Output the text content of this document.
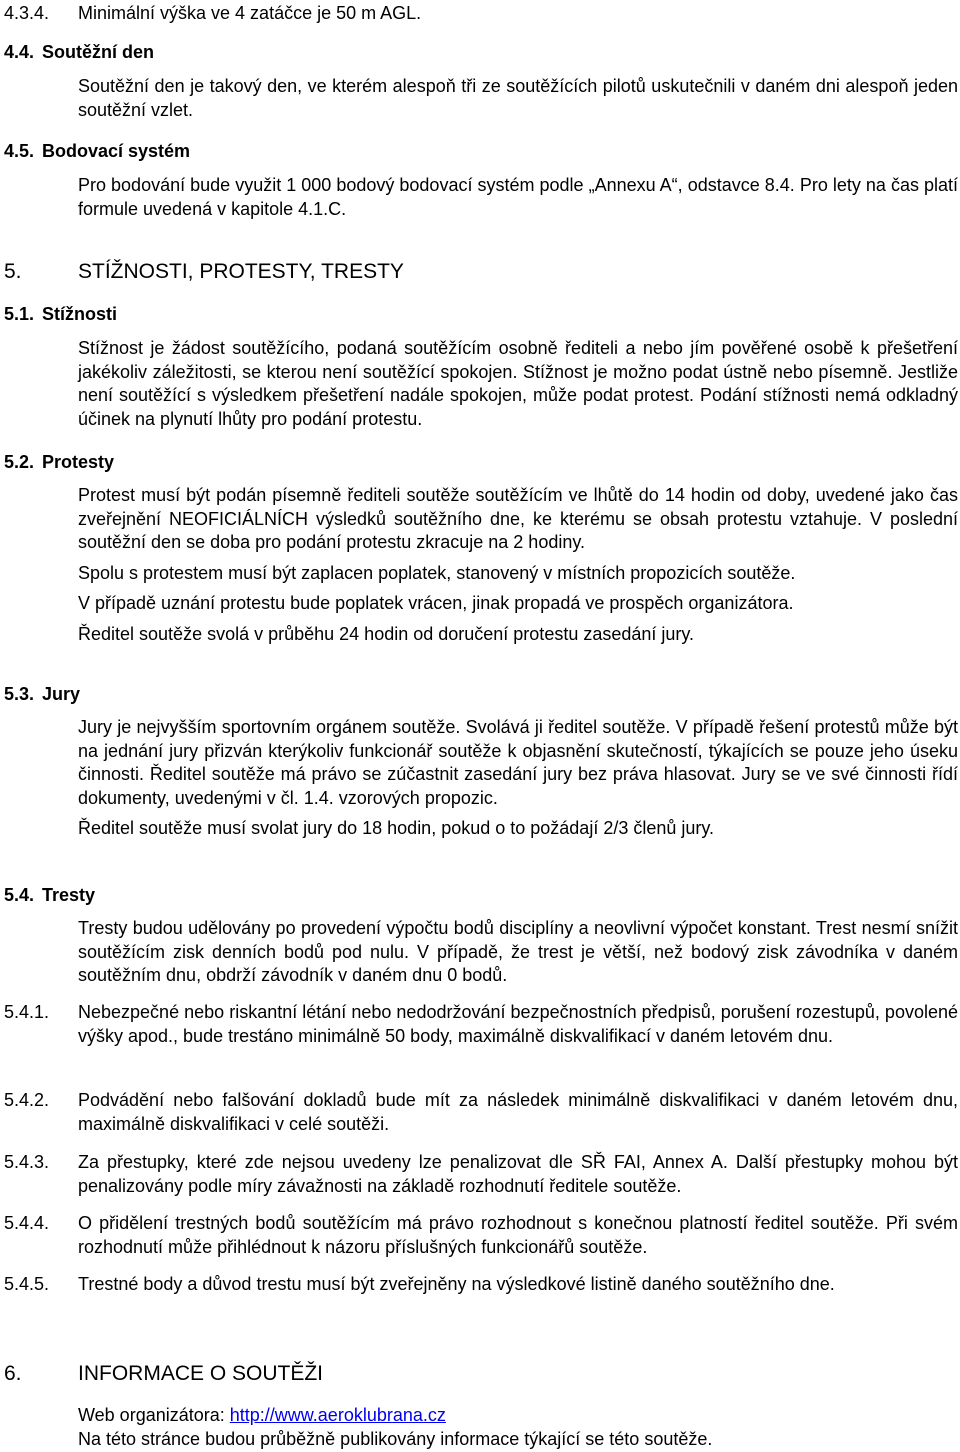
4.3.4. Minimální výška ve 4 zatáčce je 50 m AGL.
4.4. Soutěžní den
Soutěžní den je takový den, ve kterém alespoň tři ze soutěžících pilotů uskutečnili v daném dni alespoň jeden soutěžní vzlet.
4.5. Bodovací systém
Pro bodování bude využit 1 000 bodový bodovací systém podle „Annexu A“, odstavce 8.4. Pro lety na čas platí formule uvedená v kapitole 4.1.C.
5.	STÍŽNOSTI, PROTESTY, TRESTY
5.1. Stížnosti
Stížnost je žádost soutěžícího, podaná soutěžícím osobně řediteli a nebo jím pověřené osobě k přešetření jakékoliv záležitosti, se kterou není soutěžící spokojen. Stížnost je možno podat ústně nebo písemně. Jestliže není soutěžící s výsledkem přešetření nadále spokojen, může podat protest. Podání stížnosti nemá odkladný účinek na plynutí lhůty pro podání protestu.
5.2. Protesty

Protest musí být podán písemně řediteli soutěže soutěžícím ve lhůtě do 14 hodin od doby, uvedené jako čas zveřejnění NEOFICIÁLNÍCH výsledků soutěžního dne, ke kterému se obsah protestu vztahuje. V poslední soutěžní den se doba pro podání protestu zkracuje na 2 hodiny.

Spolu s protestem musí být zaplacen poplatek, stanovený v místních propozicích soutěže.

V případě uznání protestu bude poplatek vrácen, jinak propadá ve prospěch organizátora.

Ředitel soutěže svolá v průběhu 24 hodin od doručení protestu zasedání jury.

5.3. Jury

Jury je nejvyšším sportovním orgánem soutěže. Svolává ji ředitel soutěže. V případě řešení protestů může být na jednání jury přizván kterýkoliv funkcionář soutěže k objasnění skutečností, týkajících se pouze jeho úseku činnosti. Ředitel soutěže má právo se zúčastnit zasedání jury bez práva hlasovat. Jury se ve své činnosti řídí dokumenty, uvedenými v čl. 1.4. vzorových propozic.

Ředitel soutěže musí svolat jury do 18 hodin, pokud o to požádají 2/3 členů jury.

5.4. Tresty
Tresty budou udělovány po provedení výpočtu bodů disciplíny a neovlivní výpočet konstant. Trest nesmí snížit soutěžícím zisk denních bodů pod nulu. V případě, že trest je větší, než bodový zisk závodníka v daném soutěžním dnu, obdrží závodník v daném dnu 0 bodů.
5.4.1. Nebezpečné nebo riskantní létání nebo nedodržování bezpečnostních předpisů, porušení rozestupů, povolené výšky apod., bude trestáno minimálně 50 body, maximálně diskvalifikací v daném letovém dnu.
5.4.2. Podvádění nebo falšování dokladů bude mít za následek minimálně diskvalifikaci v daném letovém dnu, maximálně diskvalifikaci v celé soutěži.
5.4.3. Za přestupky, které zde nejsou uvedeny lze penalizovat dle SŘ FAI, Annex A. Další přestupky mohou být penalizovány podle míry závažnosti na základě rozhodnutí ředitele soutěže.
5.4.4. O přidělení trestných bodů soutěžícím má právo rozhodnout s konečnou platností ředitel soutěže. Při svém rozhodnutí může přihlédnout k názoru příslušných funkcionářů soutěže.
5.4.5. Trestné body a důvod trestu musí být zveřejněny na výsledkové listině daného soutěžního dne.
6.	INFORMACE O SOUTĚŽI

Web organizátora: http://www.aeroklubrana.cz

Na této stránce budou průběžně publikovány informace týkající se této soutěže.
